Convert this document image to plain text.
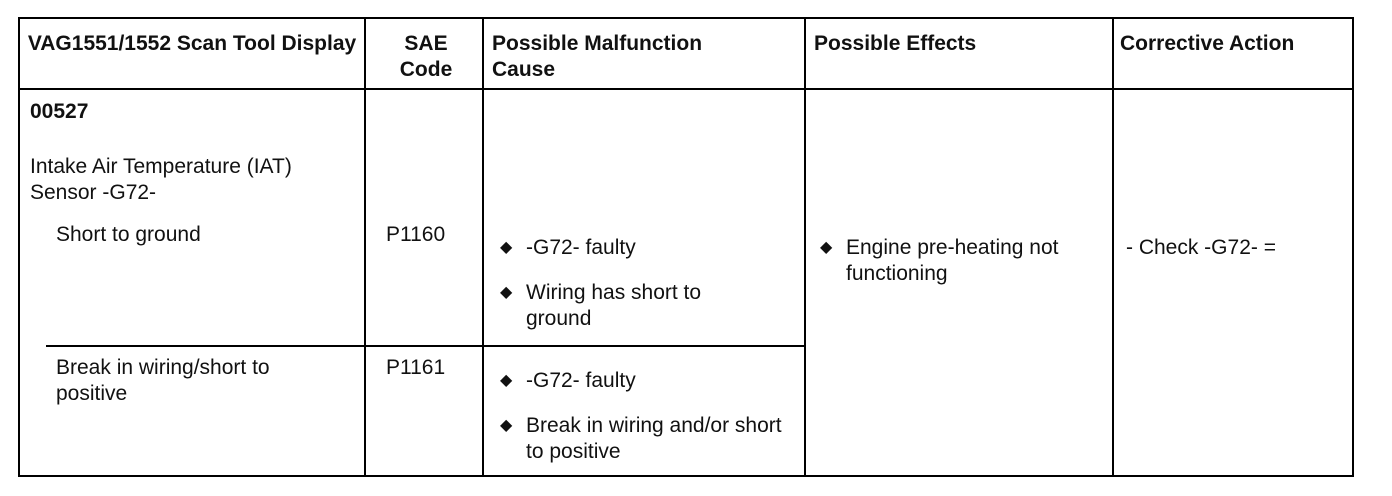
VAG1551/1552 Scan Tool Display	SAE Code
Possible Malfunction Cause
Possible Effects	Corrective Action
00527
Intake Air Temperature (IAT) Sensor -G72-
Short to ground
Break in wiring/short to positive
P1160
P1161
◆ -G72- faulty
◆ Wiring has short to ground
◆ -G72- faulty
◆ Break in wiring and/or short to positive
◆ Engine pre-heating not functioning
- Check -G72- =
